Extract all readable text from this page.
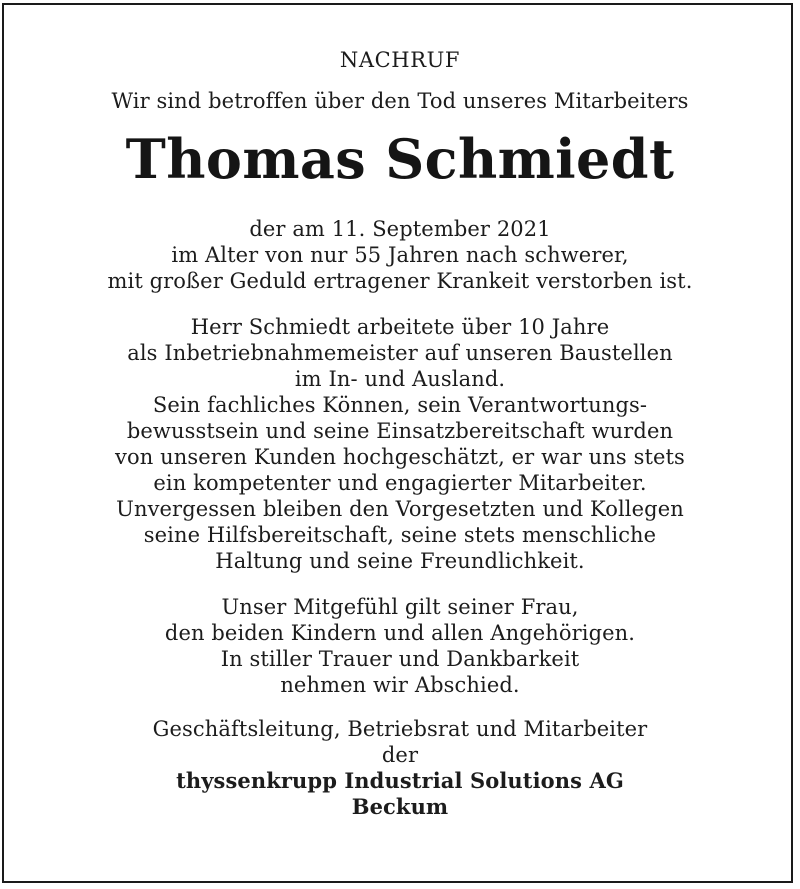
NACHRUF
Wir sind betroffen über den Tod unseres Mitarbeiters
Thomas Schmiedt
der am 11. September 2021
im Alter von nur 55 Jahren nach schwerer,
mit großer Geduld ertragener Krankeit verstorben ist.
Herr Schmiedt arbeitete über 10 Jahre
als Inbetriebnahmemeister auf unseren Baustellen
im In- und Ausland.
Sein fachliches Können, sein Verantwortungs-
bewusstsein und seine Einsatzbereitschaft wurden
von unseren Kunden hochgeschätzt, er war uns stets
ein kompetenter und engagierter Mitarbeiter.
Unvergessen bleiben den Vorgesetzten und Kollegen
seine Hilfsbereitschaft, seine stets menschliche
Haltung und seine Freundlichkeit.
Unser Mitgefühl gilt seiner Frau,
den beiden Kindern und allen Angehörigen.
In stiller Trauer und Dankbarkeit
nehmen wir Abschied.
Geschäftsleitung, Betriebsrat und Mitarbeiter
der
thyssenkrupp Industrial Solutions AG
Beckum
